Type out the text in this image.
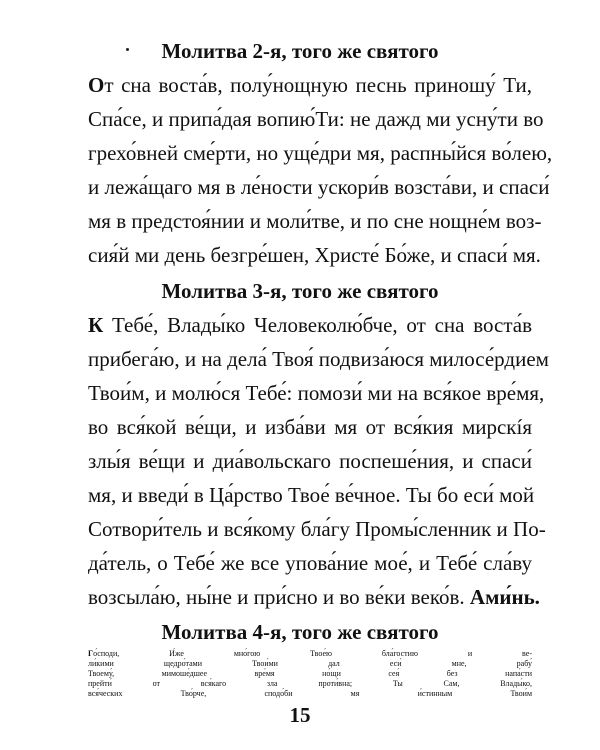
Молитва 2-я, того же святого
От сна воста́в, полу́нощную песнь приношу́ Ти,
Спа́се, и припа́дая вопию́Ти: не дажд ми усну́ти во
грехо́вней сме́рти, но уще́дри мя, распны́йся во́лею,
и лежа́щаго мя в ле́ности ускори́в возста́ви, и спаси́
мя в предстоя́нии и моли́тве, и по сне нощне́м воз-
сия́й ми день безгре́шен, Христе́ Бо́же, и спаси́ мя.
Молитва 3-я, того же святого
К Тебе́, Влады́ко Человеколю́бче, от сна воста́в
прибега́ю, и на дела́ Твоя́ подвиза́юся милосе́рдием
Твои́м, и молю́ся Тебе́: помози́ ми на вся́кое вре́мя,
во вся́кой ве́щи, и изба́ви мя от вся́кия мирскíя
злы́я ве́щи и диа́вольскаго поспеше́ния, и спаси́
мя, и введи́ в Ца́рство Твое́ ве́чное. Ты бо еси́ мой
Сотвори́тель и вся́кому бла́гу Промы́сленник и По-
да́тель, о Тебе́ же все упова́ние мое́, и Тебе́ сла́ву
возсыла́ю, ны́не и при́сно и во ве́ки веко́в. Ами́нь.
Молитва 4-я, того же святого
Го́споди, И́же мно́гою Твое́ю бла́гостию и ве-
ли́кими щедро́тами Твои́ми дал еси́ мне, рабу́
Твоему́, мимоше́дшее вре́мя но́щи сея́ без напа́сти
прейти́ от вся́каго зла проти́вна; Ты Сам, Влады́ко,
вся́ческих Тво́рче, сподо́би мя и́стинным Твои́м
15
